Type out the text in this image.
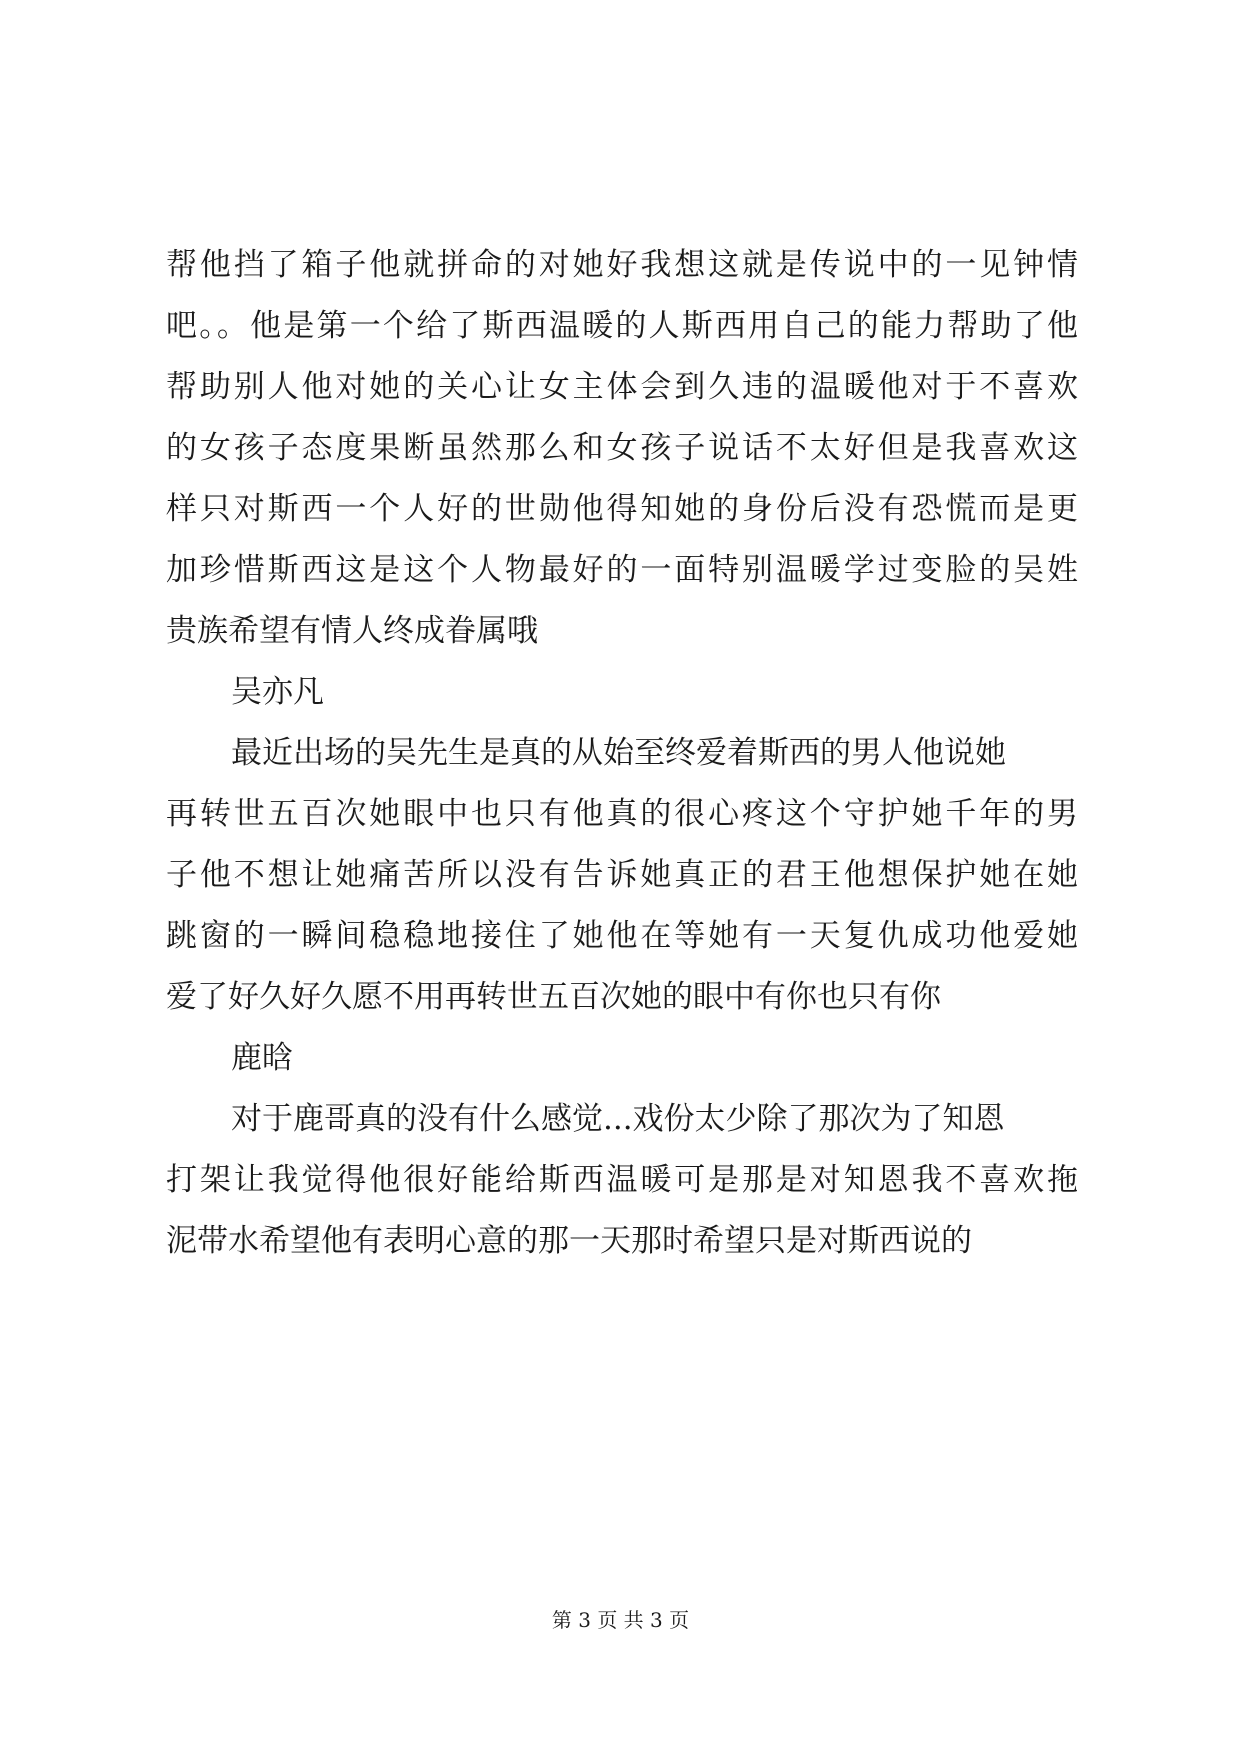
帮他挡了箱子他就拼命的对她好我想这就是传说中的一见钟情
吧。。他是第一个给了斯西温暖的人斯西用自己的能力帮助了他
帮助别人他对她的关心让女主体会到久违的温暖他对于不喜欢
的女孩子态度果断虽然那么和女孩子说话不太好但是我喜欢这
样只对斯西一个人好的世勋他得知她的身份后没有恐慌而是更
加珍惜斯西这是这个人物最好的一面特别温暖学过变脸的吴姓
贵族希望有情人终成眷属哦
吴亦凡
最近出场的吴先生是真的从始至终爱着斯西的男人他说她
再转世五百次她眼中也只有他真的很心疼这个守护她千年的男
子他不想让她痛苦所以没有告诉她真正的君王他想保护她在她
跳窗的一瞬间稳稳地接住了她他在等她有一天复仇成功他爱她
爱了好久好久愿不用再转世五百次她的眼中有你也只有你
鹿晗
对于鹿哥真的没有什么感觉...戏份太少除了那次为了知恩
打架让我觉得他很好能给斯西温暖可是那是对知恩我不喜欢拖
泥带水希望他有表明心意的那一天那时希望只是对斯西说的
第 3 页 共 3 页
